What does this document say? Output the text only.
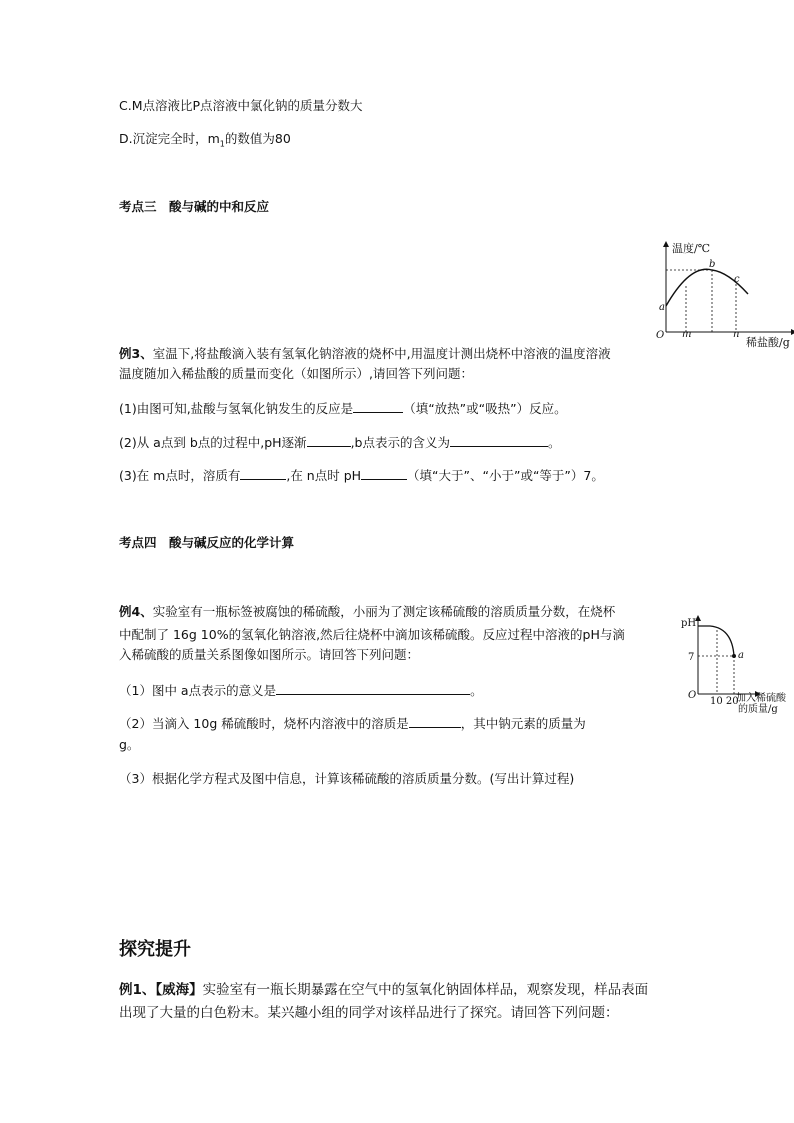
C.M点溶液比P点溶液中氯化钠的质量分数大
D.沉淀完全时，$m_1$的数值为80
考点三　酸与碱的中和反应
温度/℃
稀盐酸/g
O
a
b
c
m	n
例3、室温下,将盐酸滴入装有氢氧化钠溶液的烧杯中,用温度计测出烧杯中溶液的温度溶液
温度随加入稀盐酸的质量而变化（如图所示）,请回答下列问题：
(1)由图可知,盐酸与氢氧化钠发生的反应是	（填“放热”或“吸热”）反应。
(2)从 a点到 b点的过程中,pH逐渐	,b点表示的含义为	。
(3)在 m点时，溶质有	,在 n点时 pH	（填“大于”、“小于”或“等于”）7。
考点四　酸与碱反应的化学计算
例4、实验室有一瓶标签被腐蚀的稀硫酸，小丽为了测定该稀硫酸的溶质质量分数，在烧杯
中配制了 16g 10%的氢氧化钠溶液,然后往烧杯中滴加该稀硫酸。反应过程中溶液的pH与滴
入稀硫酸的质量关系图像如图所示。请回答下列问题：
pH
7
O
10 20
a
加入稀硫酸
的质量/g
（1）图中 a点表示的意义是	。
（2）当滴入 10g 稀硫酸时，烧杯内溶液中的溶质是	，其中钠元素的质量为
g。
（3）根据化学方程式及图中信息，计算该稀硫酸的溶质质量分数。(写出计算过程)
探究提升
例1、【威海】实验室有一瓶长期暴露在空气中的氢氧化钠固体样品，观察发现，样品表面
出现了大量的白色粉末。某兴趣小组的同学对该样品进行了探究。请回答下列问题：
